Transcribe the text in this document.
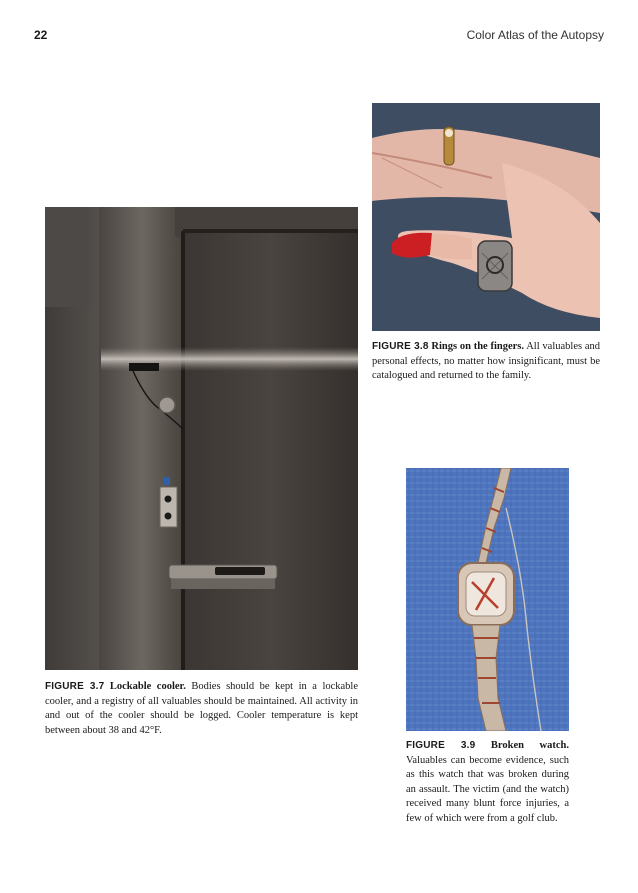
22	Color Atlas of the Autopsy
FIGURE 3.7 Lockable cooler. Bodies should be kept in a lockable cooler, and a registry of all valuables should be maintained. All activity in and out of the cooler should be logged. Cooler temperature is kept between about 38 and 42°F.
FIGURE 3.8 Rings on the fingers. All valuables and personal effects, no matter how insignificant, must be catalogued and returned to the family.
FIGURE 3.9 Broken watch. Valuables can become evidence, such as this watch that was broken during an assault. The victim (and the watch) received many blunt force injuries, a few of which were from a golf club.
